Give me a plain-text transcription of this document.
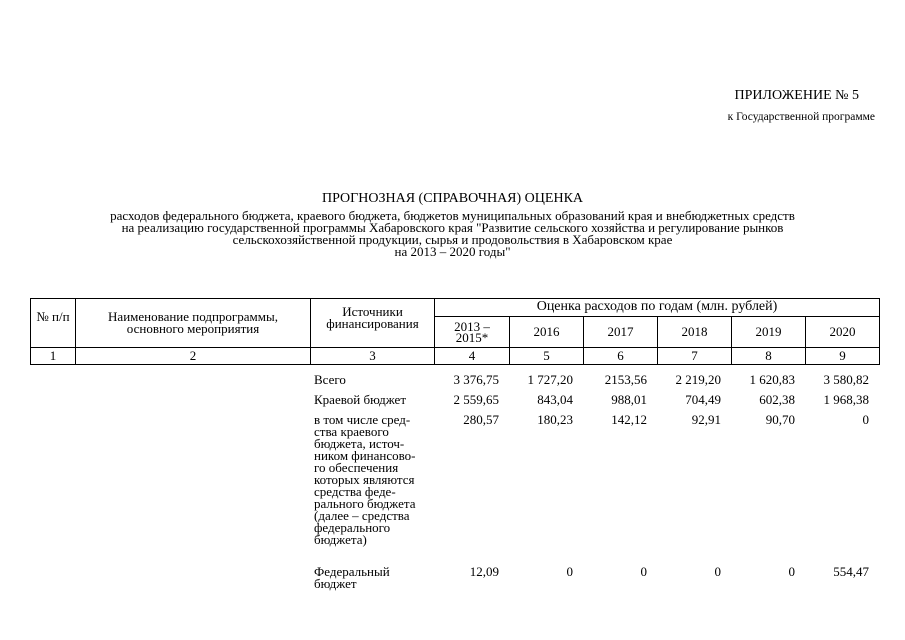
ПРИЛОЖЕНИЕ № 5
к Государственной программе
ПРОГНОЗНАЯ (СПРАВОЧНАЯ) ОЦЕНКА
расходов федерального бюджета, краевого бюджета, бюджетов муниципальных образований края и внебюджетных средств
на реализацию государственной программы Хабаровского края "Развитие сельского хозяйства и регулирование рынков
сельскохозяйственной продукции, сырья и продовольствия в Хабаровском крае
на 2013 – 2020 годы"
№ п/п	Наименование подпрограммы, основного мероприятия	Источники финансирования	Оценка расходов по годам (млн. рублей)					
			2013 – 2015*	2016	2017	2018	2019	2020
1	2	3	4	5	6	7	8	9
		Всего	3 376,75	1 727,20	2153,56	2 219,20	1 620,83	3 580,82
		Краевой бюджет	2 559,65	843,04	988,01	704,49	602,38	1 968,38
		в том числе сред-ства краевого бюджета, источ-ником финансово-го обеспечения которых являются средства феде-рального бюджета (далее – средства федерального бюджета)	280,57	180,23	142,12	92,91	90,70	0
		Федеральный бюджет	12,09	0	0	0	0	554,47
